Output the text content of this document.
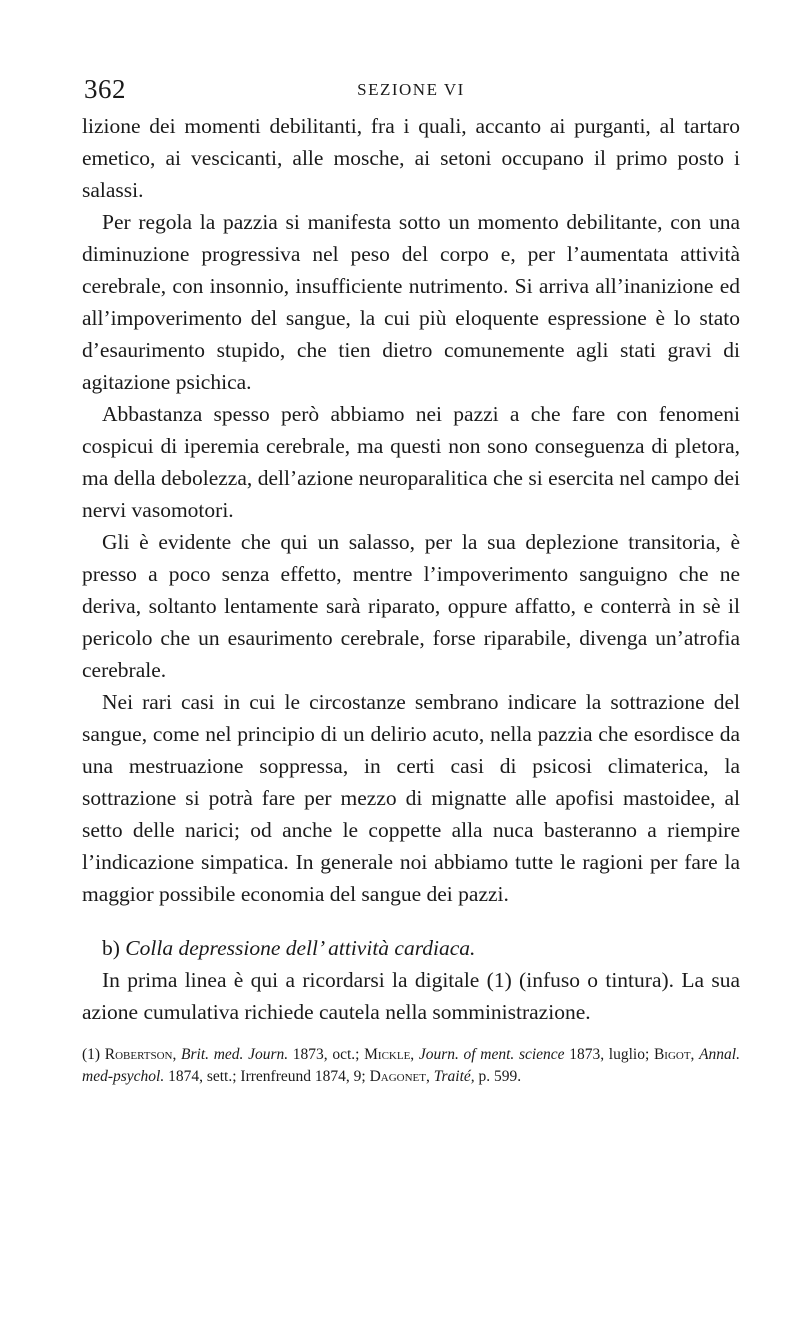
362	SEZIONE VI

lizione dei momenti debilitanti, fra i quali, accanto ai purganti, al tartaro emetico, ai vescicanti, alle mosche, ai setoni occupano il primo posto i salassi.

Per regola la pazzia si manifesta sotto un momento debilitante, con una diminuzione progressiva nel peso del corpo e, per l’aumentata attività cerebrale, con insonnio, insufficiente nutrimento. Si arriva all’inanizione ed all’impoverimento del sangue, la cui più eloquente espressione è lo stato d’esaurimento stupido, che tien dietro comunemente agli stati gravi di agitazione psichica.

Abbastanza spesso però abbiamo nei pazzi a che fare con fenomeni cospicui di iperemia cerebrale, ma questi non sono conseguenza di pletora, ma della debolezza, dell’azione neuroparalitica che si esercita nel campo dei nervi vasomotori.

Gli è evidente che qui un salasso, per la sua deplezione transitoria, è presso a poco senza effetto, mentre l’impoverimento sanguigno che ne deriva, soltanto lentamente sarà riparato, oppure affatto, e conterrà in sè il pericolo che un esaurimento cerebrale, forse riparabile, divenga un’atrofia cerebrale.

Nei rari casi in cui le circostanze sembrano indicare la sottrazione del sangue, come nel principio di un delirio acuto, nella pazzia che esordisce da una mestruazione soppressa, in certi casi di psicosi climaterica, la sottrazione si potrà fare per mezzo di mignatte alle apofisi mastoidee, al setto delle narici; od anche le coppette alla nuca basteranno a riempire l’indicazione simpatica. In generale noi abbiamo tutte le ragioni per fare la maggior possibile economia del sangue dei pazzi.

b) Colla depressione dell’ attività cardiaca.

In prima linea è qui a ricordarsi la digitale (1) (infuso o tintura). La sua azione cumulativa richiede cautela nella somministrazione.

(1) Robertson, Brit. med. Journ. 1873, oct.; Mickle, Journ. of ment. science 1873, luglio; Bigot, Annal. med-psychol. 1874, sett.; Irrenfreund 1874, 9; Dagonet, Traité, p. 599.
